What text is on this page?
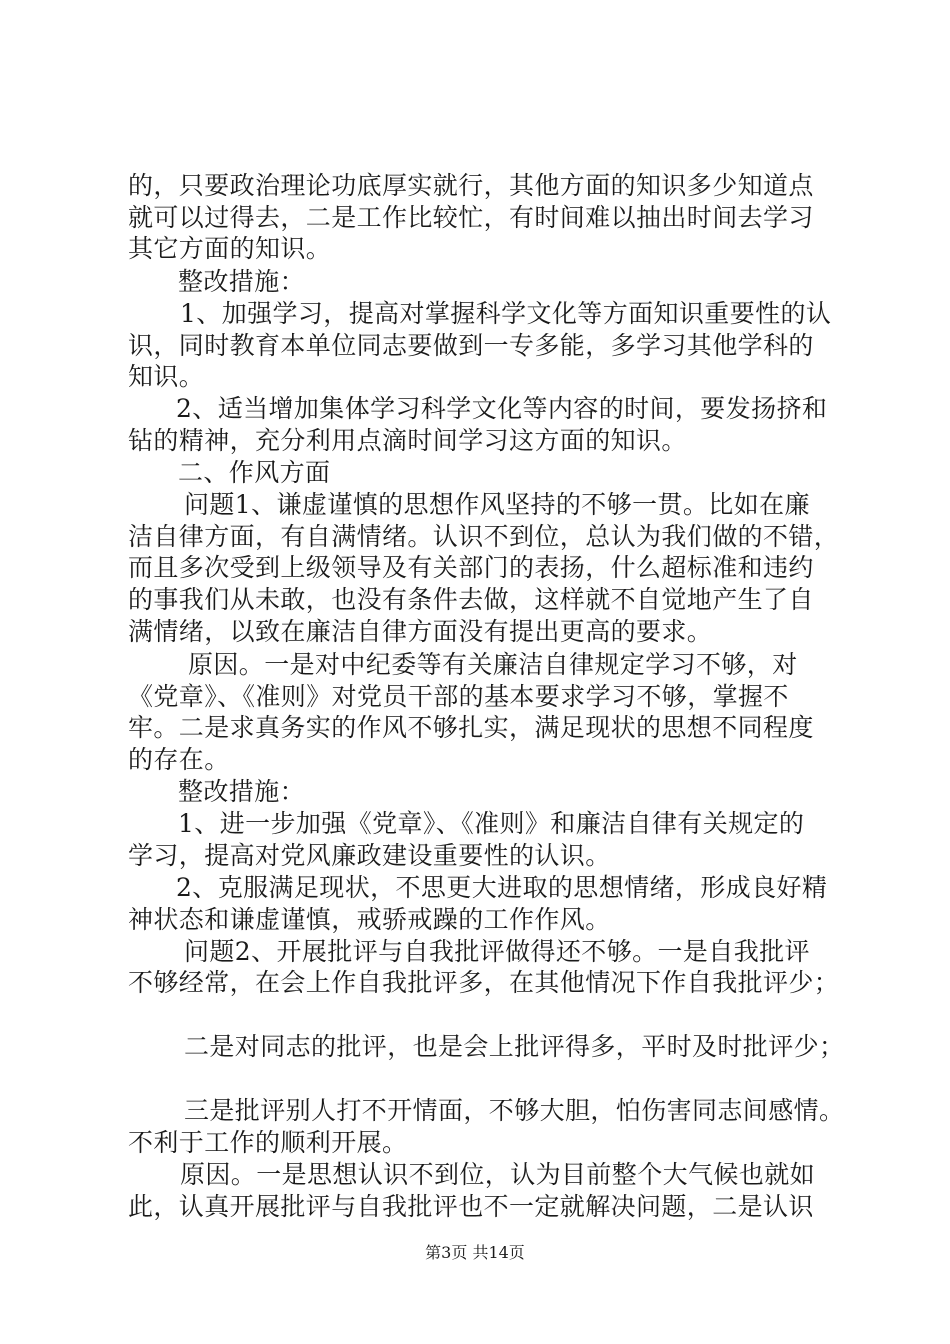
的，只要政治理论功底厚实就行，其他方面的知识多少知道点
就可以过得去，二是工作比较忙，有时间难以抽出时间去学习
其它方面的知识。
整改措施：
1、加强学习，提高对掌握科学文化等方面知识重要性的认
识，同时教育本单位同志要做到一专多能，多学习其他学科的
知识。
2、适当增加集体学习科学文化等内容的时间，要发扬挤和
钻的精神，充分利用点滴时间学习这方面的知识。
二、作风方面
问题1、谦虚谨慎的思想作风坚持的不够一贯。比如在廉
洁自律方面，有自满情绪。认识不到位，总认为我们做的不错，
而且多次受到上级领导及有关部门的表扬，什么超标准和违约
的事我们从未敢，也没有条件去做，这样就不自觉地产生了自
满情绪，以致在廉洁自律方面没有提出更高的要求。
原因。一是对中纪委等有关廉洁自律规定学习不够，对
《党章》、《准则》对党员干部的基本要求学习不够，掌握不
牢。二是求真务实的作风不够扎实，满足现状的思想不同程度
的存在。
整改措施：
1、进一步加强《党章》、《准则》和廉洁自律有关规定的
学习，提高对党风廉政建设重要性的认识。
2、克服满足现状，不思更大进取的思想情绪，形成良好精
神状态和谦虚谨慎，戒骄戒躁的工作作风。
问题2、开展批评与自我批评做得还不够。一是自我批评
不够经常，在会上作自我批评多，在其他情况下作自我批评少；
二是对同志的批评，也是会上批评得多，平时及时批评少；
三是批评别人打不开情面，不够大胆，怕伤害同志间感情。
不利于工作的顺利开展。
原因。一是思想认识不到位，认为目前整个大气候也就如
此，认真开展批评与自我批评也不一定就解决问题，二是认识
第3页 共14页
